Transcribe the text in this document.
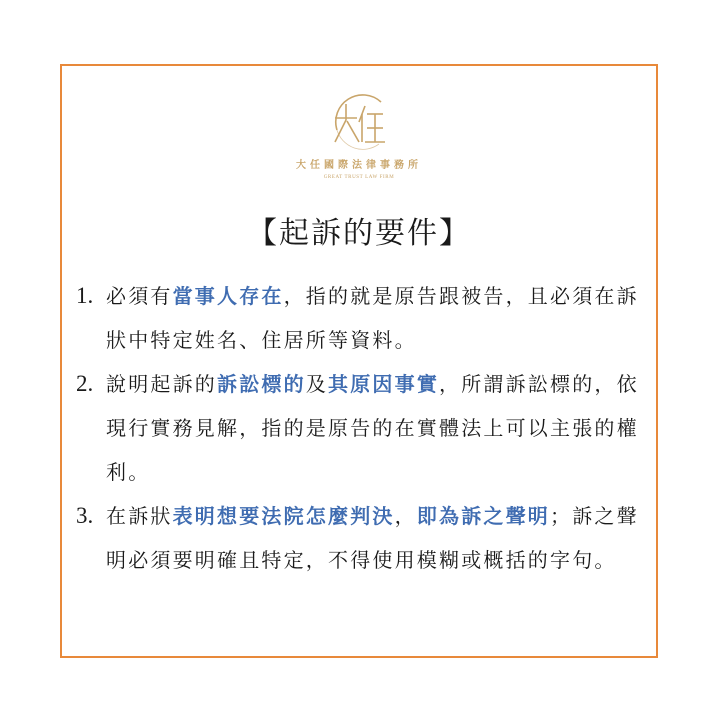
大任國際法律事務所
GREAT TRUST LAW FIRM
【起訴的要件】
1. 必須有當事人存在，指的就是原告跟被告，且必須在訴狀中特定姓名、住居所等資料。
2. 說明起訴的訴訟標的及其原因事實，所謂訴訟標的，依現行實務見解，指的是原告的在實體法上可以主張的權利。
3. 在訴狀表明想要法院怎麼判決，即為訴之聲明；訴之聲明必須要明確且特定，不得使用模糊或概括的字句。
